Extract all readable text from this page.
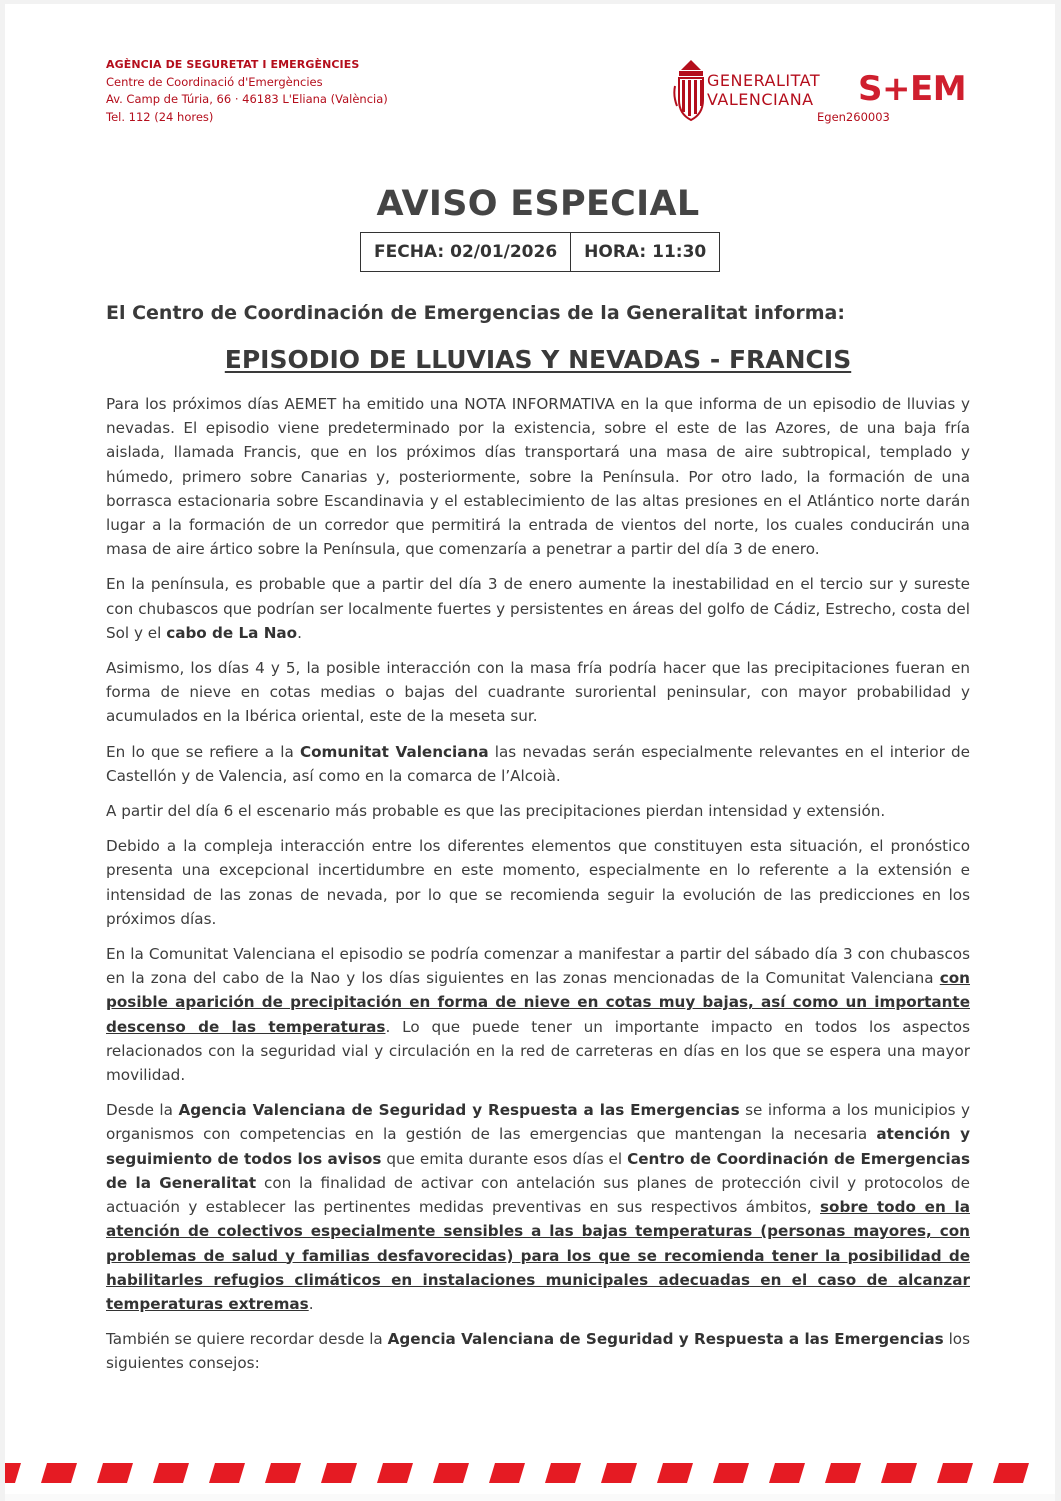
AGÈNCIA DE SEGURETAT I EMERGÈNCIES
Centre de Coordinació d'Emergències
Av. Camp de Túria, 66 · 46183 L'Eliana (València)
Tel. 112 (24 hores)
GENERALITAT
VALENCIANA S+EM
Egen260003
AVISO ESPECIAL
FECHA: 02/01/2026	HORA: 11:30
El Centro de Coordinación de Emergencias de la Generalitat informa:
EPISODIO DE LLUVIAS Y NEVADAS - FRANCIS

Para los próximos días AEMET ha emitido una NOTA INFORMATIVA en la que informa de un episodio de lluvias y nevadas. El episodio viene predeterminado por la existencia, sobre el este de las Azores, de una baja fría aislada, llamada Francis, que en los próximos días transportará una masa de aire subtropical, templado y húmedo, primero sobre Canarias y, posteriormente, sobre la Península. Por otro lado, la formación de una borrasca estacionaria sobre Escandinavia y el establecimiento de las altas presiones en el Atlántico norte darán lugar a la formación de un corredor que permitirá la entrada de vientos del norte, los cuales conducirán una masa de aire ártico sobre la Península, que comenzaría a penetrar a partir del día 3 de enero.

En la península, es probable que a partir del día 3 de enero aumente la inestabilidad en el tercio sur y sureste con chubascos que podrían ser localmente fuertes y persistentes en áreas del golfo de Cádiz, Estrecho, costa del Sol y el cabo de La Nao.

Asimismo, los días 4 y 5, la posible interacción con la masa fría podría hacer que las precipitaciones fueran en forma de nieve en cotas medias o bajas del cuadrante suroriental peninsular, con mayor probabilidad y acumulados en la Ibérica oriental, este de la meseta sur.

En lo que se refiere a la Comunitat Valenciana las nevadas serán especialmente relevantes en el interior de Castellón y de Valencia, así como en la comarca de l’Alcoià.

A partir del día 6 el escenario más probable es que las precipitaciones pierdan intensidad y extensión.

Debido a la compleja interacción entre los diferentes elementos que constituyen esta situación, el pronóstico presenta una excepcional incertidumbre en este momento, especialmente en lo referente a la extensión e intensidad de las zonas de nevada, por lo que se recomienda seguir la evolución de las predicciones en los próximos días.

En la Comunitat Valenciana el episodio se podría comenzar a manifestar a partir del sábado día 3 con chubascos en la zona del cabo de la Nao y los días siguientes en las zonas mencionadas de la Comunitat Valenciana con posible aparición de precipitación en forma de nieve en cotas muy bajas, así como un importante descenso de las temperaturas. Lo que puede tener un importante impacto en todos los aspectos relacionados con la seguridad vial y circulación en la red de carreteras en días en los que se espera una mayor movilidad.

Desde la Agencia Valenciana de Seguridad y Respuesta a las Emergencias se informa a los municipios y organismos con competencias en la gestión de las emergencias que mantengan la necesaria atención y seguimiento de todos los avisos que emita durante esos días el Centro de Coordinación de Emergencias de la Generalitat con la finalidad de activar con antelación sus planes de protección civil y protocolos de actuación y establecer las pertinentes medidas preventivas en sus respectivos ámbitos, sobre todo en la atención de colectivos especialmente sensibles a las bajas temperaturas (personas mayores, con problemas de salud y familias desfavorecidas) para los que se recomienda tener la posibilidad de habilitarles refugios climáticos en instalaciones municipales adecuadas en el caso de alcanzar temperaturas extremas.

También se quiere recordar desde la Agencia Valenciana de Seguridad y Respuesta a las Emergencias los siguientes consejos:
